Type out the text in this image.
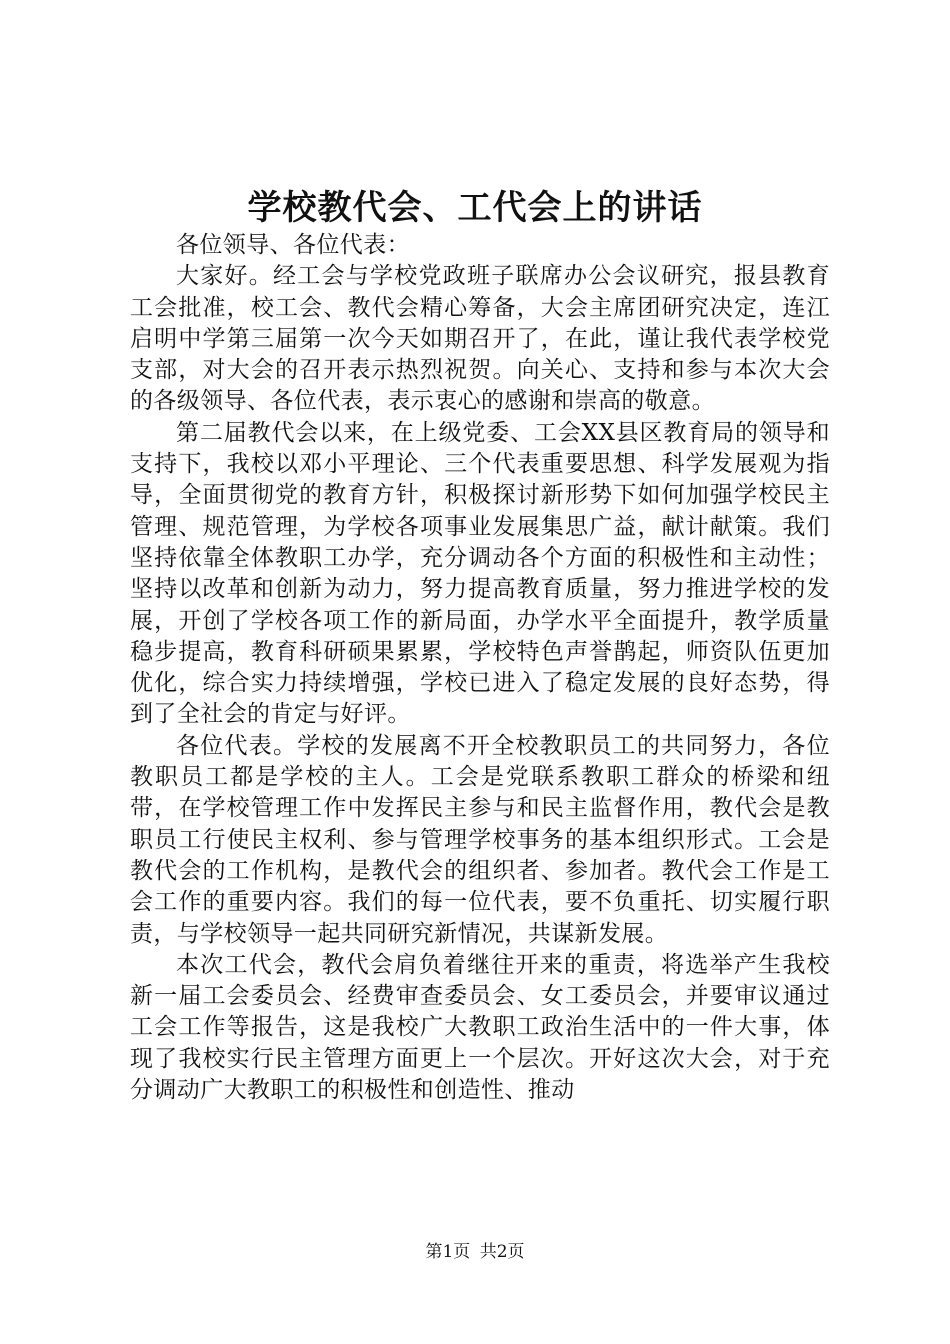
学校教代会、工代会上的讲话

各位领导、各位代表：

大家好。经工会与学校党政班子联席办公会议研究，报县教育工会批准，校工会、教代会精心筹备，大会主席团研究决定，连江启明中学第三届第一次今天如期召开了，在此，谨让我代表学校党支部，对大会的召开表示热烈祝贺。向关心、支持和参与本次大会的各级领导、各位代表，表示衷心的感谢和崇高的敬意。

第二届教代会以来，在上级党委、工会XX县区教育局的领导和支持下，我校以邓小平理论、三个代表重要思想、科学发展观为指导，全面贯彻党的教育方针，积极探讨新形势下如何加强学校民主管理、规范管理，为学校各项事业发展集思广益，献计献策。我们坚持依靠全体教职工办学，充分调动各个方面的积极性和主动性；坚持以改革和创新为动力，努力提高教育质量，努力推进学校的发展，开创了学校各项工作的新局面，办学水平全面提升，教学质量稳步提高，教育科研硕果累累，学校特色声誉鹊起，师资队伍更加优化，综合实力持续增强，学校已进入了稳定发展的良好态势，得到了全社会的肯定与好评。

各位代表。学校的发展离不开全校教职员工的共同努力，各位教职员工都是学校的主人。工会是党联系教职工群众的桥梁和纽带，在学校管理工作中发挥民主参与和民主监督作用，教代会是教职员工行使民主权利、参与管理学校事务的基本组织形式。工会是教代会的工作机构，是教代会的组织者、参加者。教代会工作是工会工作的重要内容。我们的每一位代表，要不负重托、切实履行职责，与学校领导一起共同研究新情况，共谋新发展。

本次工代会，教代会肩负着继往开来的重责，将选举产生我校新一届工会委员会、经费审查委员会、女工委员会，并要审议通过工会工作等报告，这是我校广大教职工政治生活中的一件大事，体现了我校实行民主管理方面更上一个层次。开好这次大会，对于充分调动广大教职工的积极性和创造性、推动

第1页 共2页
